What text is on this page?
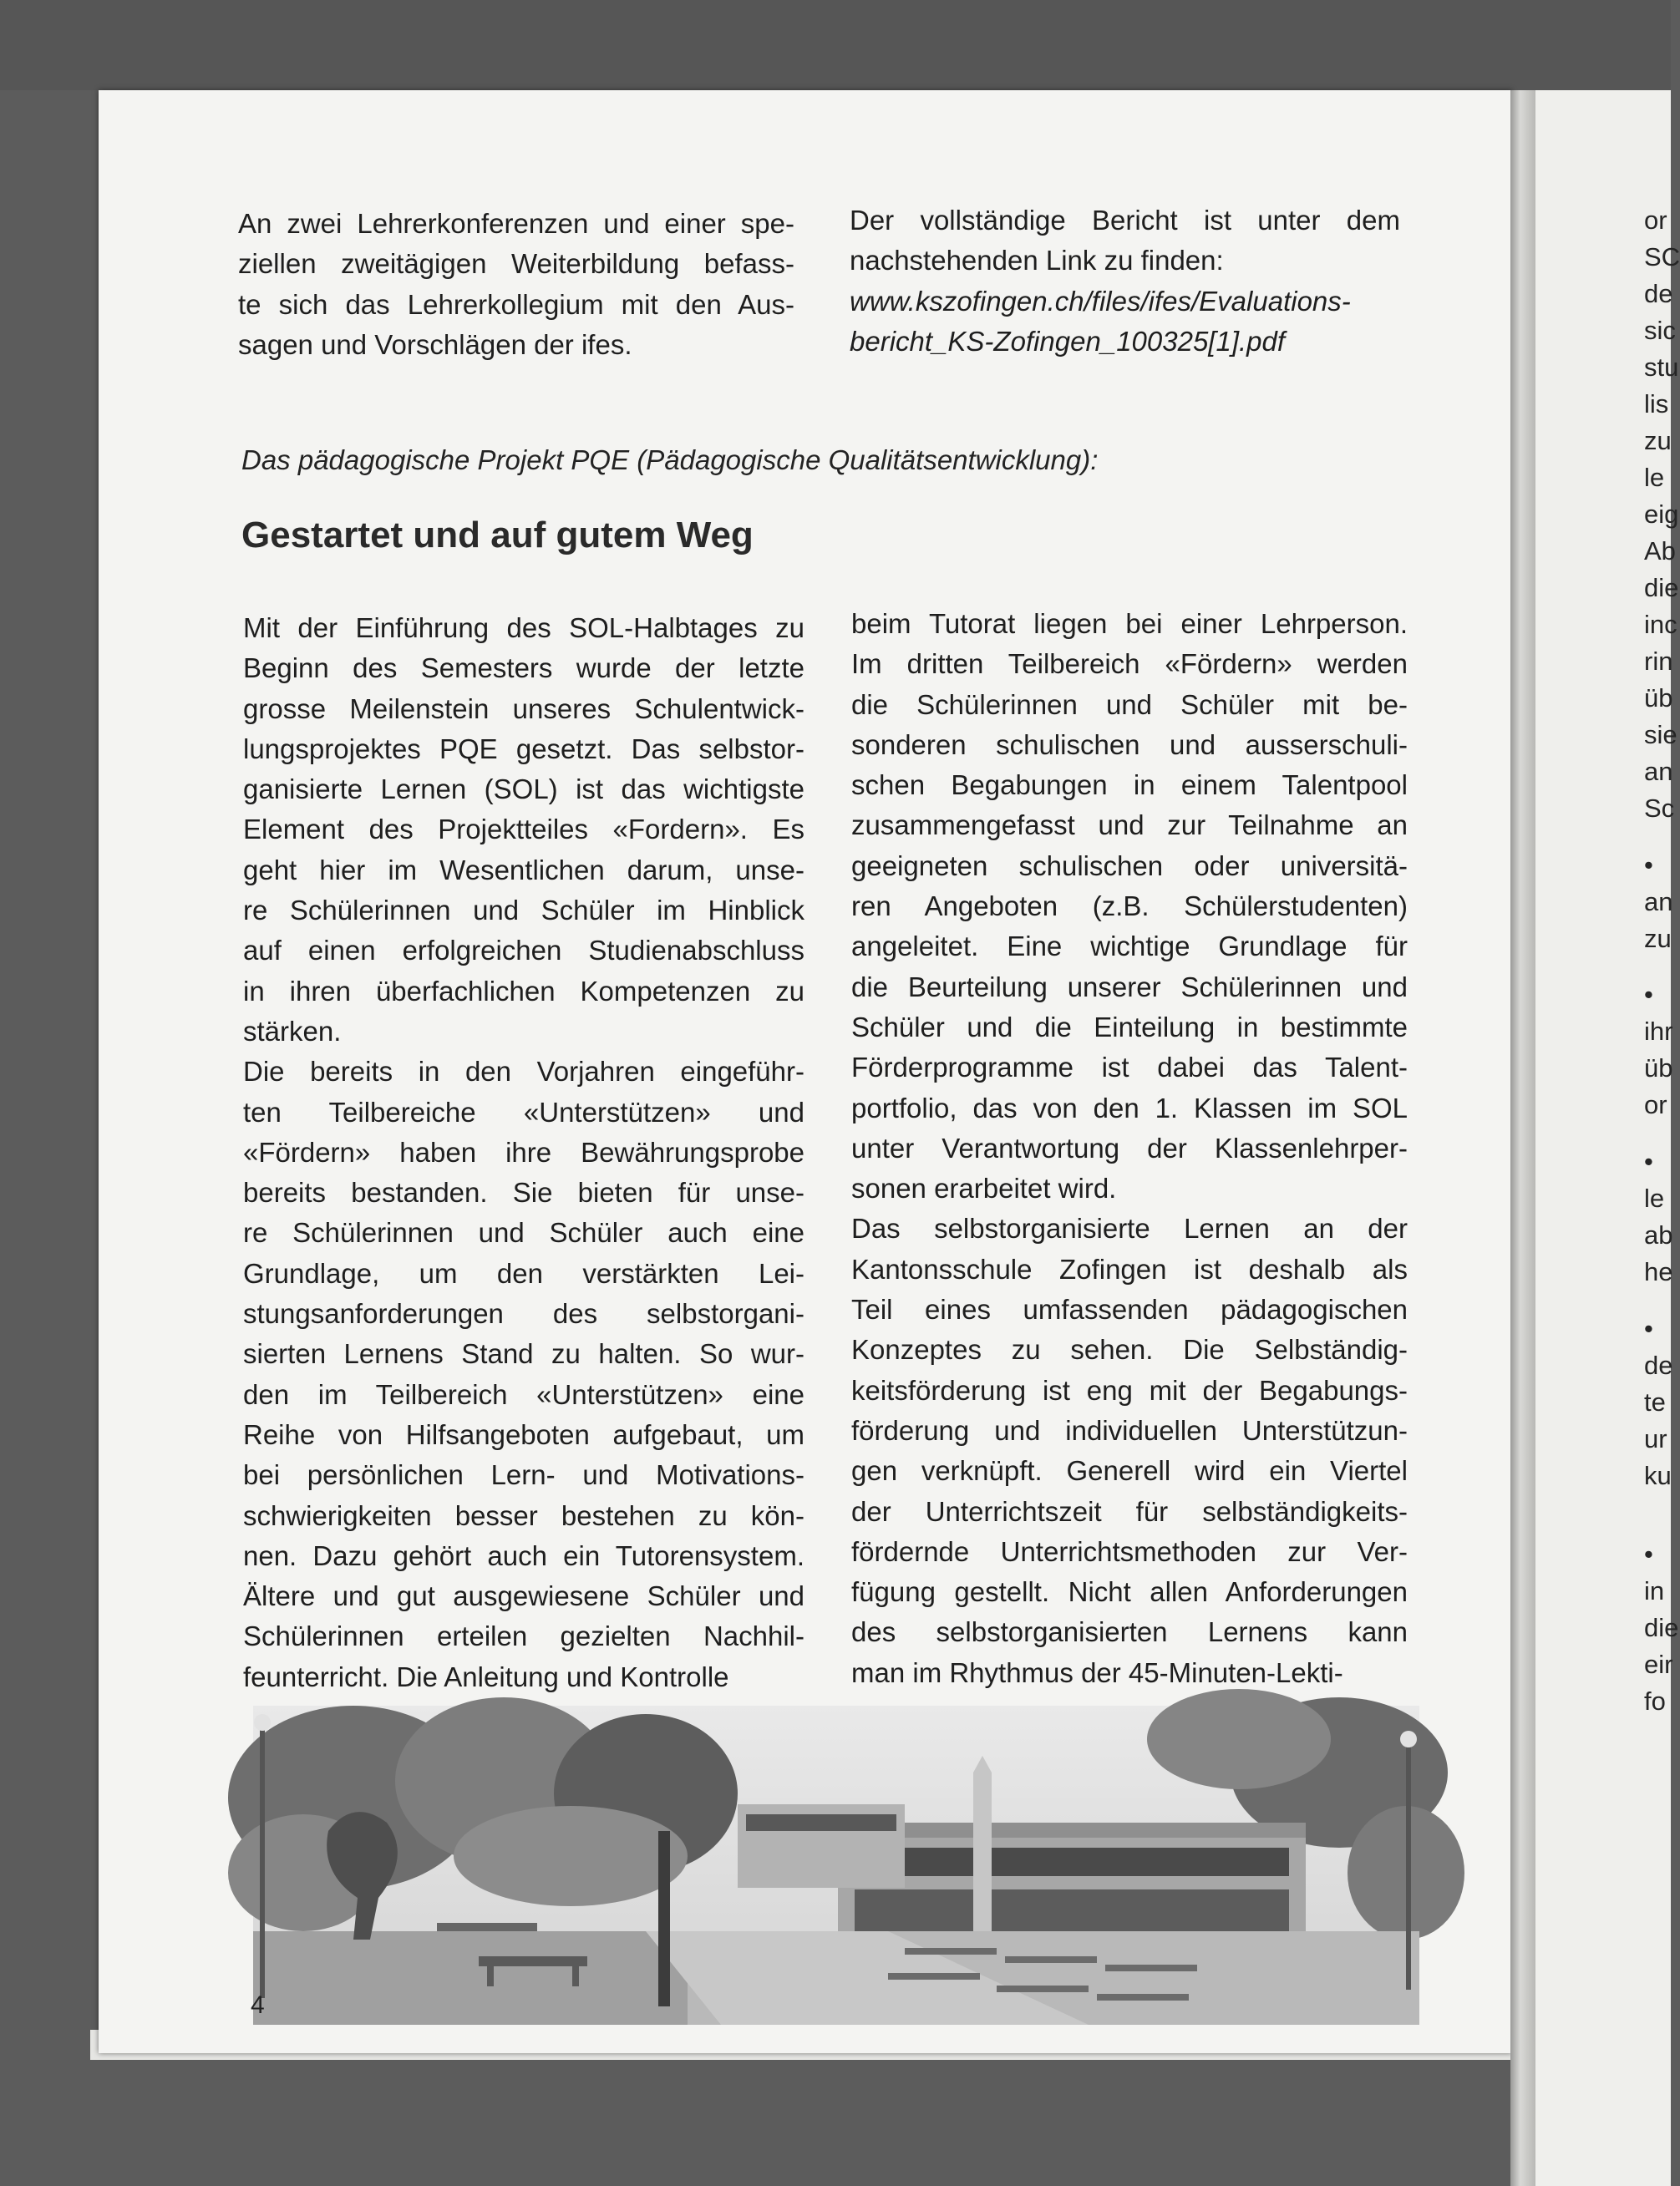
An zwei Lehrerkonferenzen und einer spe-
ziellen zweitägigen Weiterbildung befass-
te sich das Lehrerkollegium mit den Aus-
sagen und Vorschlägen der ifes.
Der vollständige Bericht ist unter dem
nachstehenden Link zu finden:
www.kszofingen.ch/files/ifes/Evaluations-
bericht_KS-Zofingen_100325[1].pdf
Das pädagogische Projekt PQE (Pädagogische Qualitätsentwicklung):
Gestartet und auf gutem Weg
Mit der Einführung des SOL-Halbtages zu
Beginn des Semesters wurde der letzte
grosse Meilenstein unseres Schulentwick-
lungsprojektes PQE gesetzt. Das selbstor-
ganisierte Lernen (SOL) ist das wichtigste
Element des Projektteiles «Fordern». Es
geht hier im Wesentlichen darum, unse-
re Schülerinnen und Schüler im Hinblick
auf einen erfolgreichen Studienabschluss
in ihren überfachlichen Kompetenzen zu
stärken.
Die bereits in den Vorjahren eingeführ-
ten Teilbereiche «Unterstützen» und
«Fördern» haben ihre Bewährungsprobe
bereits bestanden. Sie bieten für unse-
re Schülerinnen und Schüler auch eine
Grundlage, um den verstärkten Lei-
stungsanforderungen des selbstorgani-
sierten Lernens Stand zu halten. So wur-
den im Teilbereich «Unterstützen» eine
Reihe von Hilfsangeboten aufgebaut, um
bei persönlichen Lern- und Motivations-
schwierigkeiten besser bestehen zu kön-
nen. Dazu gehört auch ein Tutorensystem.
Ältere und gut ausgewiesene Schüler und
Schülerinnen erteilen gezielten Nachhil-
feunterricht. Die Anleitung und Kontrolle
beim Tutorat liegen bei einer Lehrperson.
Im dritten Teilbereich «Fördern» werden
die Schülerinnen und Schüler mit be-
sonderen schulischen und ausserschuli-
schen Begabungen in einem Talentpool
zusammengefasst und zur Teilnahme an
geeigneten schulischen oder universitä-
ren Angeboten (z.B. Schülerstudenten)
angeleitet. Eine wichtige Grundlage für
die Beurteilung unserer Schülerinnen und
Schüler und die Einteilung in bestimmte
Förderprogramme ist dabei das Talent-
portfolio, das von den 1. Klassen im SOL
unter Verantwortung der Klassenlehrper-
sonen erarbeitet wird.
Das selbstorganisierte Lernen an der
Kantonsschule Zofingen ist deshalb als
Teil eines umfassenden pädagogischen
Konzeptes zu sehen. Die Selbständig-
keitsförderung ist eng mit der Begabungs-
förderung und individuellen Unterstützun-
gen verknüpft. Generell wird ein Viertel
der Unterrichtszeit für selbständigkeits-
fördernde Unterrichtsmethoden zur Ver-
fügung gestellt. Nicht allen Anforderungen
des selbstorganisierten Lernens kann
man im Rhythmus der 45-Minuten-Lekti-
4
or
SC
de
sic
stu
lis
zu
le
eig
Ab
die
inc
rin
üb
sie
an
Sc
•
an
zu
•
ihr
üb
or
•
le
ab
he
•
de
te
ur
ku
•
in
die
eir
fo
